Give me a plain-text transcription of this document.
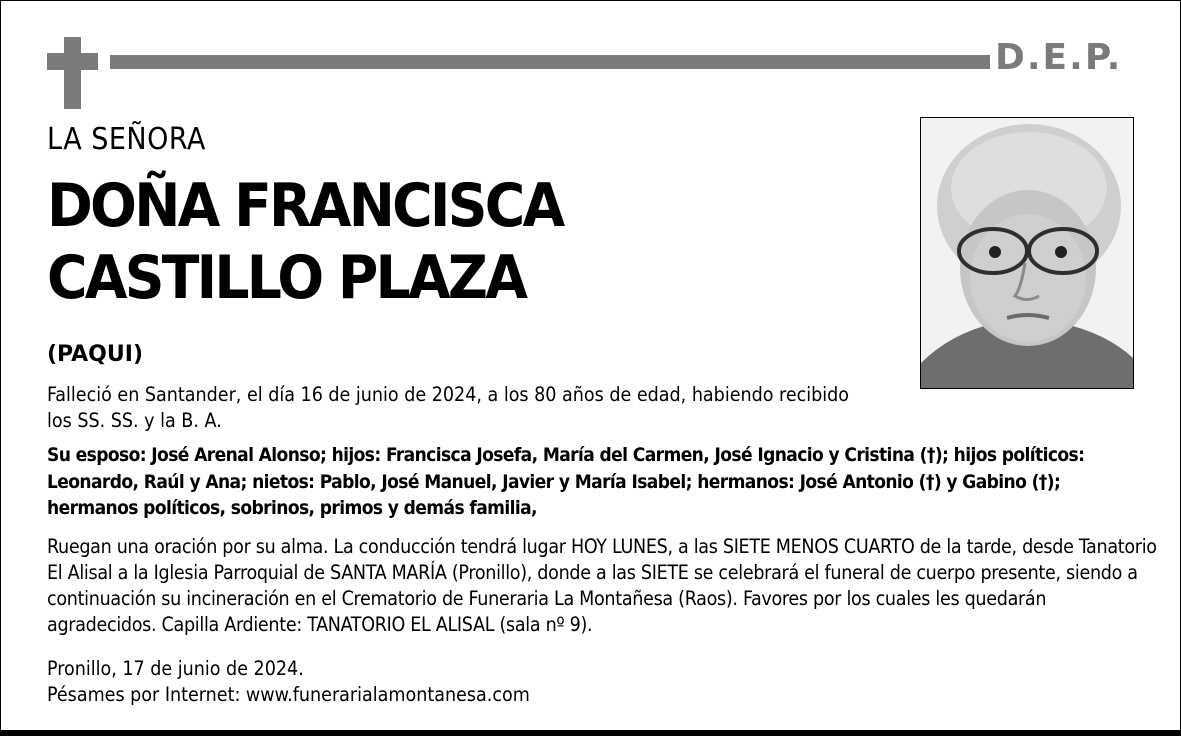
D.E.P.
LA SEÑORA
DOÑA FRANCISCA
CASTILLO PLAZA
(PAQUI)
Falleció en Santander, el día 16 de junio de 2024, a los 80 años de edad, habiendo recibido los SS. SS. y la B. A.
Su esposo: José Arenal Alonso; hijos: Francisca Josefa, María del Carmen, José Ignacio y Cristina (†); hijos políticos: Leonardo, Raúl y Ana; nietos: Pablo, José Manuel, Javier y María Isabel; hermanos: José Antonio (†) y Gabino (†); hermanos políticos, sobrinos, primos y demás familia,
Ruegan una oración por su alma. La conducción tendrá lugar HOY LUNES, a las SIETE MENOS CUARTO de la tarde, desde Tanatorio El Alisal a la Iglesia Parroquial de SANTA MARÍA (Pronillo), donde a las SIETE se celebrará el funeral de cuerpo presente, siendo a continuación su incineración en el Crematorio de Funeraria La Montañesa (Raos). Favores por los cuales les quedarán agradecidos. Capilla Ardiente: TANATORIO EL ALISAL (sala nº 9).
Pronillo, 17 de junio de 2024.
Pésames por Internet: www.funerarialamontanesa.com
